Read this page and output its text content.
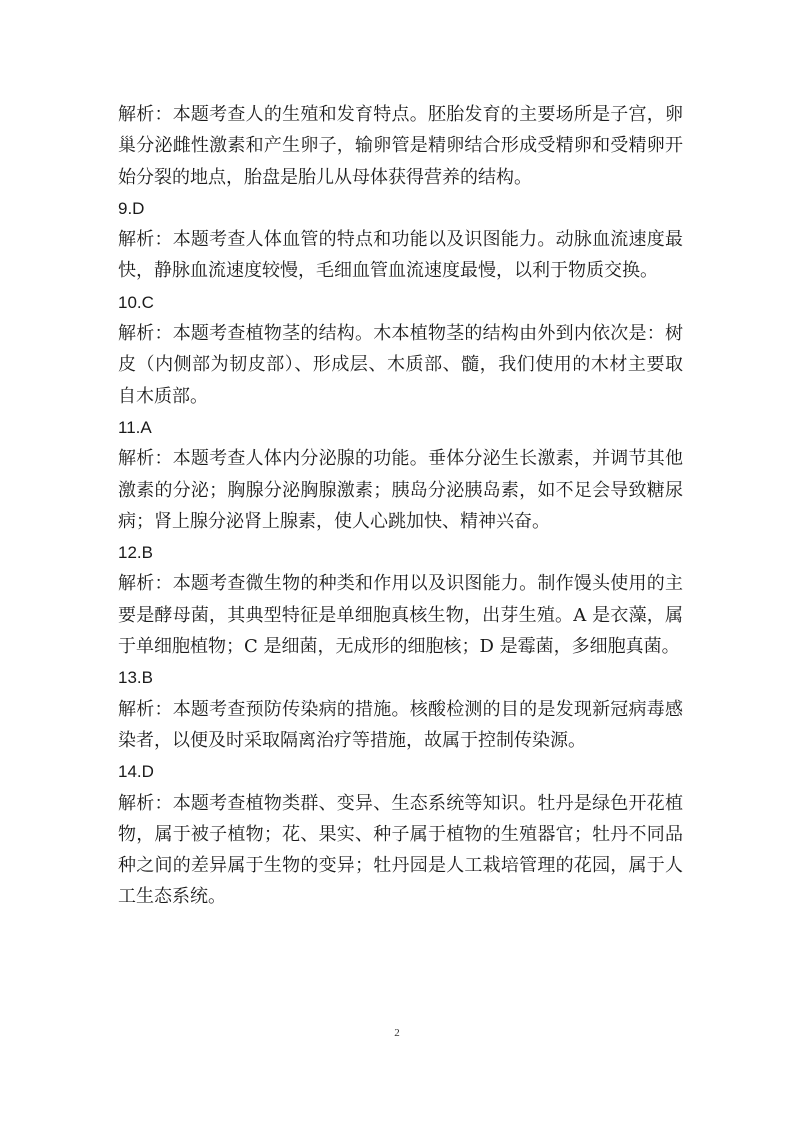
解析：本题考查人的生殖和发育特点。胚胎发育的主要场所是子宫，卵巢分泌雌性激素和产生卵子，输卵管是精卵结合形成受精卵和受精卵开始分裂的地点，胎盘是胎儿从母体获得营养的结构。

9.D

解析：本题考查人体血管的特点和功能以及识图能力。动脉血流速度最快，静脉血流速度较慢，毛细血管血流速度最慢，以利于物质交换。

10.C

解析：本题考查植物茎的结构。木本植物茎的结构由外到内依次是：树皮（内侧部为韧皮部）、形成层、木质部、髓，我们使用的木材主要取自木质部。

11.A

解析：本题考查人体内分泌腺的功能。垂体分泌生长激素，并调节其他激素的分泌；胸腺分泌胸腺激素；胰岛分泌胰岛素，如不足会导致糖尿病；肾上腺分泌肾上腺素，使人心跳加快、精神兴奋。

12.B

解析：本题考查微生物的种类和作用以及识图能力。制作馒头使用的主要是酵母菌，其典型特征是单细胞真核生物，出芽生殖。A 是衣藻，属于单细胞植物；C 是细菌，无成形的细胞核；D 是霉菌，多细胞真菌。

13.B

解析：本题考查预防传染病的措施。核酸检测的目的是发现新冠病毒感染者，以便及时采取隔离治疗等措施，故属于控制传染源。

14.D

解析：本题考查植物类群、变异、生态系统等知识。牡丹是绿色开花植物，属于被子植物；花、果实、种子属于植物的生殖器官；牡丹不同品种之间的差异属于生物的变异；牡丹园是人工栽培管理的花园，属于人工生态系统。

2
